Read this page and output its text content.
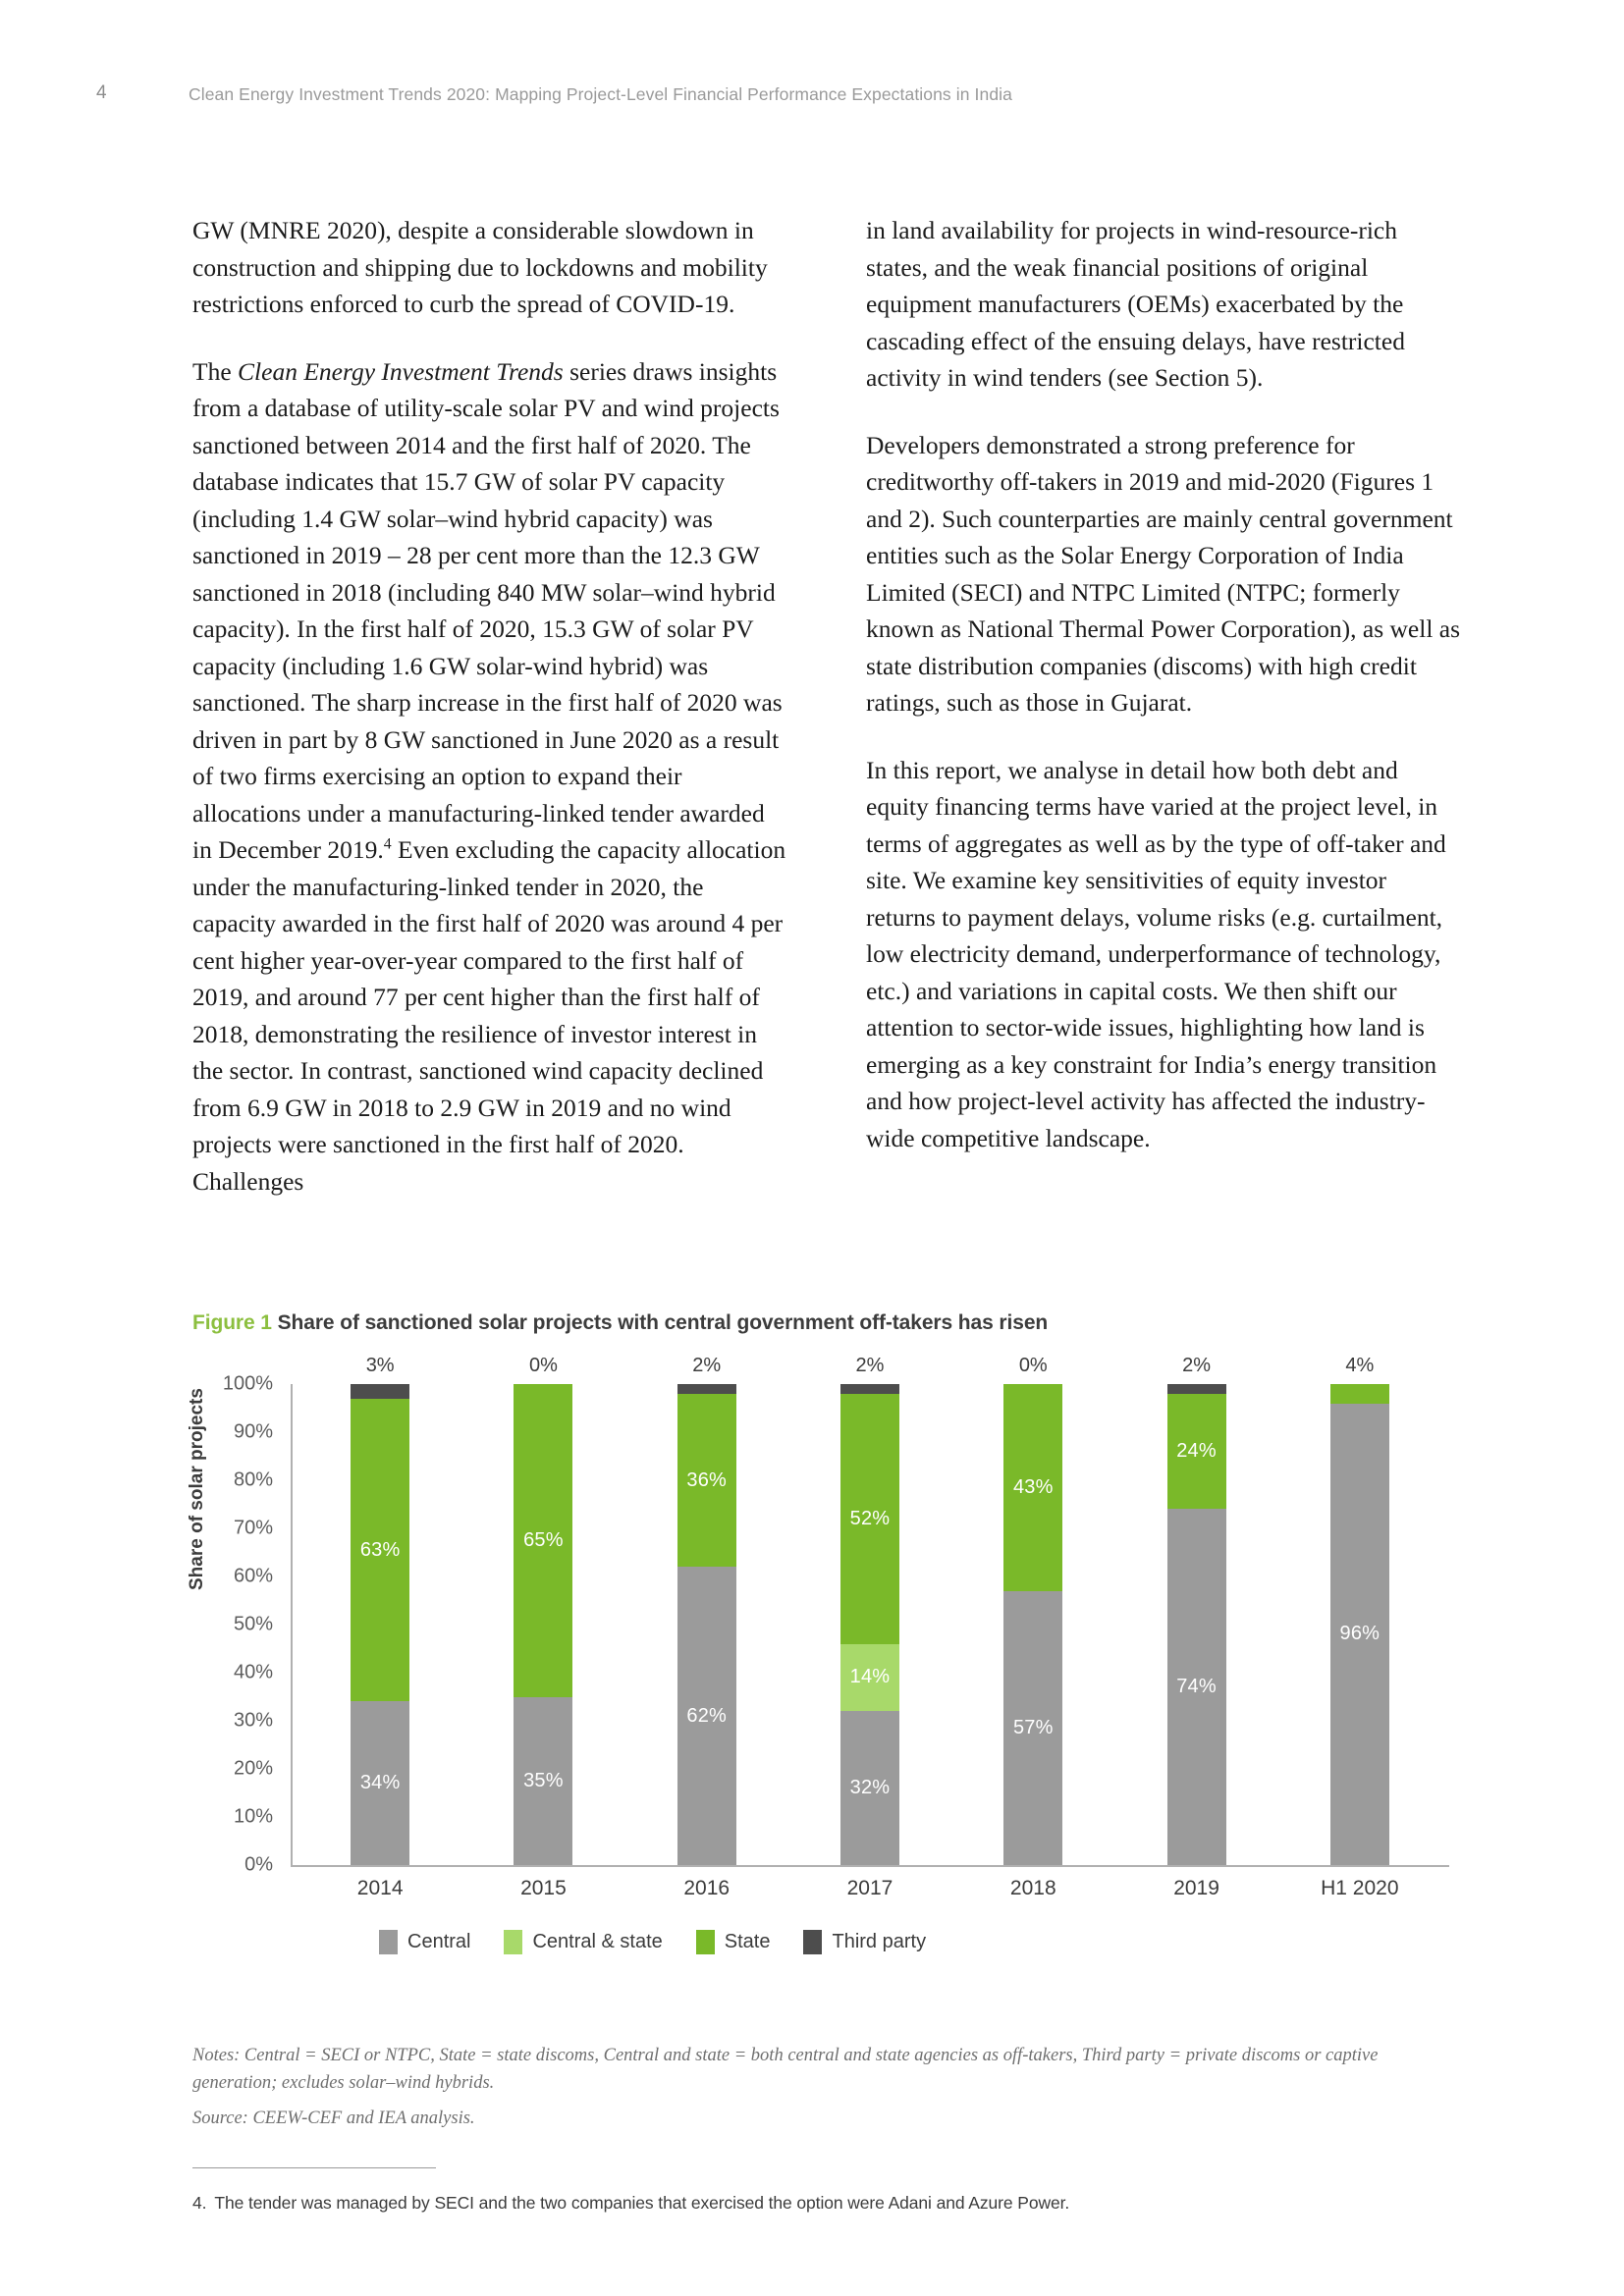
4	Clean Energy Investment Trends 2020: Mapping Project-Level Financial Performance Expectations in India

GW (MNRE 2020), despite a considerable slowdown in construction and shipping due to lockdowns and mobility restrictions enforced to curb the spread of COVID-19.

The Clean Energy Investment Trends series draws insights from a database of utility-scale solar PV and wind projects sanctioned between 2014 and the first half of 2020. The database indicates that 15.7 GW of solar PV capacity (including 1.4 GW solar–wind hybrid capacity) was sanctioned in 2019 – 28 per cent more than the 12.3 GW sanctioned in 2018 (including 840 MW solar–wind hybrid capacity). In the first half of 2020, 15.3 GW of solar PV capacity (including 1.6 GW solar-wind hybrid) was sanctioned. The sharp increase in the first half of 2020 was driven in part by 8 GW sanctioned in June 2020 as a result of two firms exercising an option to expand their allocations under a manufacturing-linked tender awarded in December 2019.$^4$ Even excluding the capacity allocation under the manufacturing-linked tender in 2020, the capacity awarded in the first half of 2020 was around 4 per cent higher year-over-year compared to the first half of 2019, and around 77 per cent higher than the first half of 2018, demonstrating the resilience of investor interest in the sector. In contrast, sanctioned wind capacity declined from 6.9 GW in 2018 to 2.9 GW in 2019 and no wind projects were sanctioned in the first half of 2020. Challenges

in land availability for projects in wind-resource-rich states, and the weak financial positions of original equipment manufacturers (OEMs) exacerbated by the cascading effect of the ensuing delays, have restricted activity in wind tenders (see Section 5).

Developers demonstrated a strong preference for creditworthy off-takers in 2019 and mid-2020 (Figures 1 and 2). Such counterparties are mainly central government entities such as the Solar Energy Corporation of India Limited (SECI) and NTPC Limited (NTPC; formerly known as National Thermal Power Corporation), as well as state distribution companies (discoms) with high credit ratings, such as those in Gujarat.

In this report, we analyse in detail how both debt and equity financing terms have varied at the project level, in terms of aggregates as well as by the type of off-taker and site. We examine key sensitivities of equity investor returns to payment delays, volume risks (e.g. curtailment, low electricity demand, underperformance of technology, etc.) and variations in capital costs. We then shift our attention to sector-wide issues, highlighting how land is emerging as a key constraint for India’s energy transition and how project-level activity has affected the industry-wide competitive landscape.

Figure 1 Share of sanctioned solar projects with central government off-takers has risen
Share of solar projects
100%
90%
80%
70%
60%
50%
40%
30%
20%
10%
0%
63%
34%
3%
65%
35%
0%
36%
62%
2%
52%
14%
32%
2%
43%
57%
0%
24%
74%
2%
96%
4%
2014	2015	2016	2017	2018	2019	H1 2020
Central	Central & state	State	Third party
Notes: Central = SECI or NTPC, State = state discoms, Central and state = both central and state agencies as off-takers, Third party = private discoms or captive generation; excludes solar–wind hybrids.
Source: CEEW-CEF and IEA analysis.
4. The tender was managed by SECI and the two companies that exercised the option were Adani and Azure Power.
